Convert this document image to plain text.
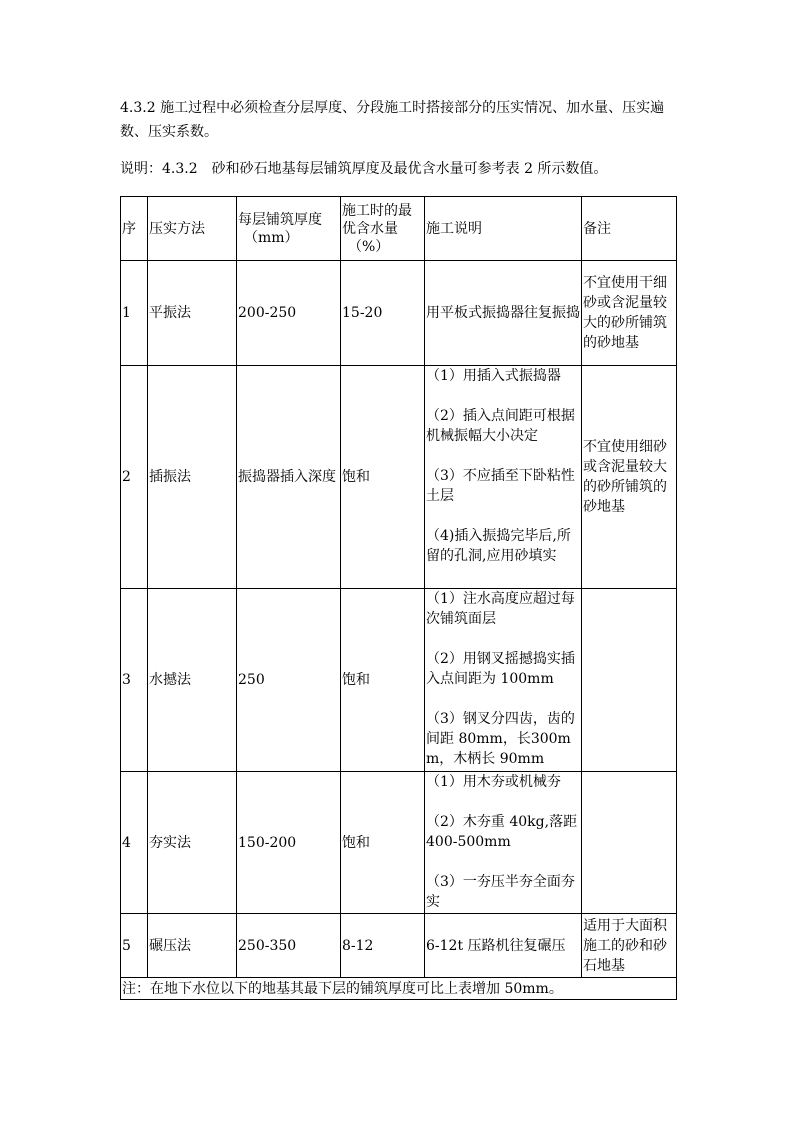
4.3.2 施工过程中必须检查分层厚度、分段施工时搭接部分的压实情况、加水量、压实遍数、压实系数。
说明：4.3.2　砂和砂石地基每层铺筑厚度及最优含水量可参考表 2 所示数值。
序	压实方法	每层铺筑厚度
（mm）	施工时的最优含水量
（%）	施工说明	备注
1	平振法	200-250	15-20	用平板式振捣器往复振捣	不宜使用干细砂或含泥量较大的砂所铺筑的砂地基
2	插振法	振捣器插入深度	饱和	（1）用插入式振捣器
（2）插入点间距可根据机械振幅大小决定
（3）不应插至下卧粘性土层
（4)插入振捣完毕后,所留的孔洞,应用砂填实	不宜使用细砂或含泥量较大的砂所铺筑的砂地基
3	水撼法	250	饱和	（1）注水高度应超过每次铺筑面层
（2）用钢叉摇撼捣实插入点间距为 100mm
（3）钢叉分四齿，齿的间距 80mm，长300mm，木柄长 90mm	

4	夯实法	150-200	饱和	（1）用木夯或机械夯
（2）木夯重 40kg,落距 400-500mm
（3）一夯压半夯全面夯实	

5	碾压法	250-350	8-12	6-12t 压路机往复碾压	适用于大面积施工的砂和砂石地基
注：在地下水位以下的地基其最下层的铺筑厚度可比上表增加 50mm。					
